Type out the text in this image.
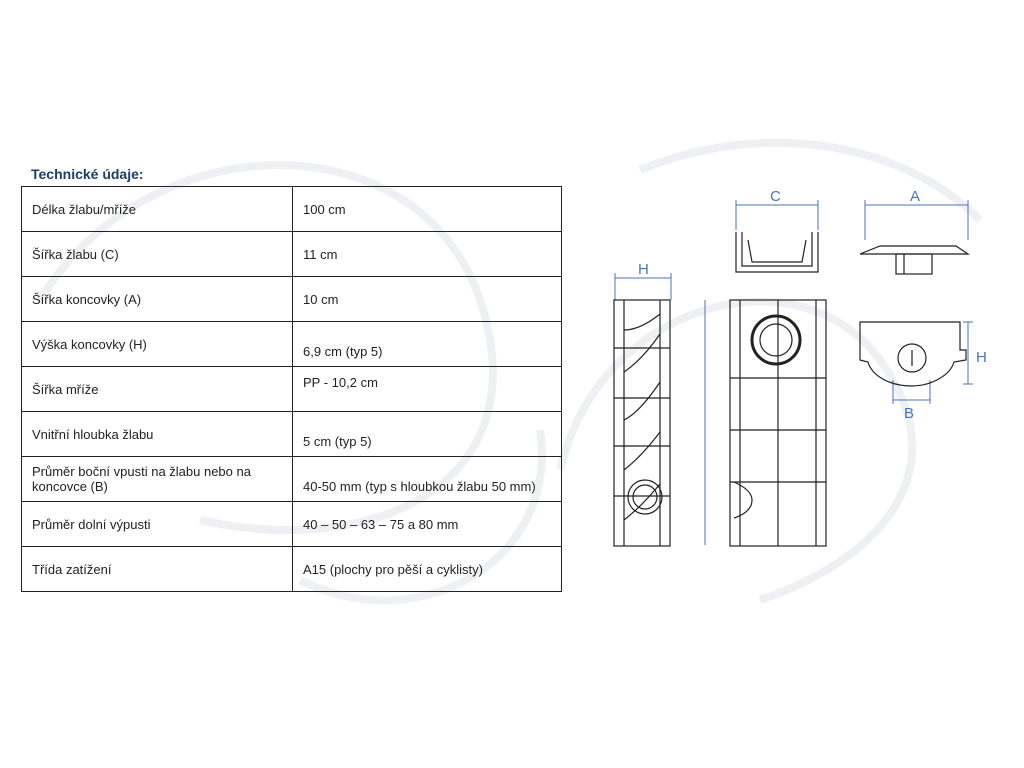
Technické údaje:
Délka žlabu/mříže	100 cm
Šířka žlabu (C)	11 cm
Šířka koncovky (A)	10 cm
Výška koncovky (H)	6,9 cm (typ 5)
Šířka mříže	PP - 10,2 cm
Vnitřní hloubka žlabu	5 cm (typ 5)
Průměr boční vpusti na žlabu nebo na koncovce (B)	40-50 mm (typ s hloubkou žlabu 50 mm)
Průměr dolní výpusti	40 – 50 – 63 – 75 a 80 mm
Třída zatížení	A15 (plochy pro pěší a cyklisty)
C	A
H
H
B
